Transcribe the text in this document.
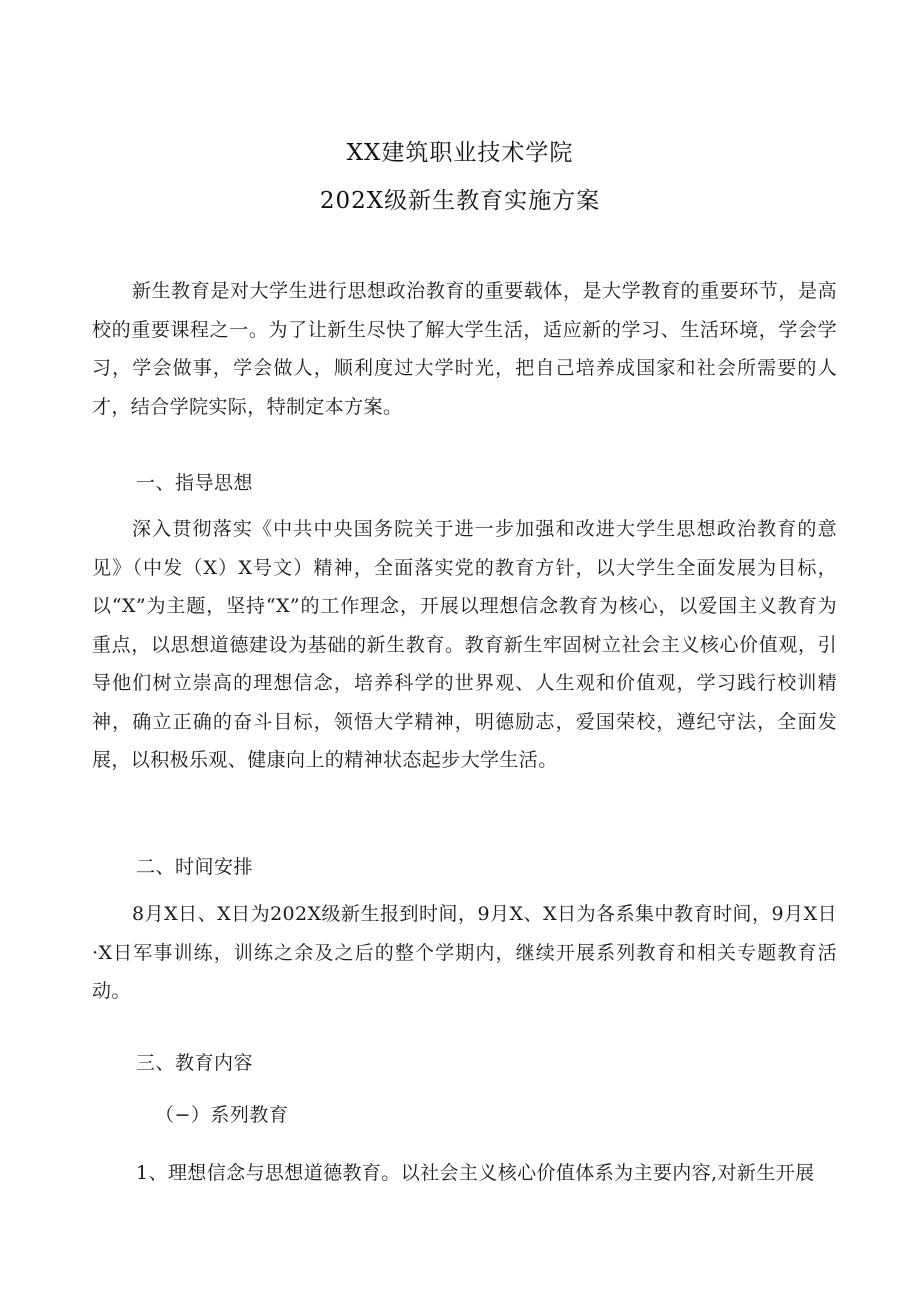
XX建筑职业技术学院
202X级新生教育实施方案
新生教育是对大学生进行思想政治教育的重要载体，是大学教育的重要环节，是高校的重要课程之一。为了让新生尽快了解大学生活，适应新的学习、生活环境，学会学习，学会做事，学会做人，顺利度过大学时光，把自己培养成国家和社会所需要的人才，结合学院实际，特制定本方案。
一、指导思想
深入贯彻落实《中共中央国务院关于进一步加强和改进大学生思想政治教育的意见》（中发（X）X号文）精神，全面落实党的教育方针，以大学生全面发展为目标，以“X”为主题，坚持“X”的工作理念，开展以理想信念教育为核心，以爱国主义教育为重点，以思想道德建设为基础的新生教育。教育新生牢固树立社会主义核心价值观，引导他们树立崇高的理想信念，培养科学的世界观、人生观和价值观，学习践行校训精神，确立正确的奋斗目标，领悟大学精神，明德励志，爱国荣校，遵纪守法，全面发展，以积极乐观、健康向上的精神状态起步大学生活。
二、时间安排
8月X日、X日为202X级新生报到时间，9月X、X日为各系集中教育时间，9月X日·X日军事训练，训练之余及之后的整个学期内，继续开展系列教育和相关专题教育活动。
三、教育内容
（−）系列教育
1、理想信念与思想道德教育。以社会主义核心价值体系为主要内容,对新生开展
